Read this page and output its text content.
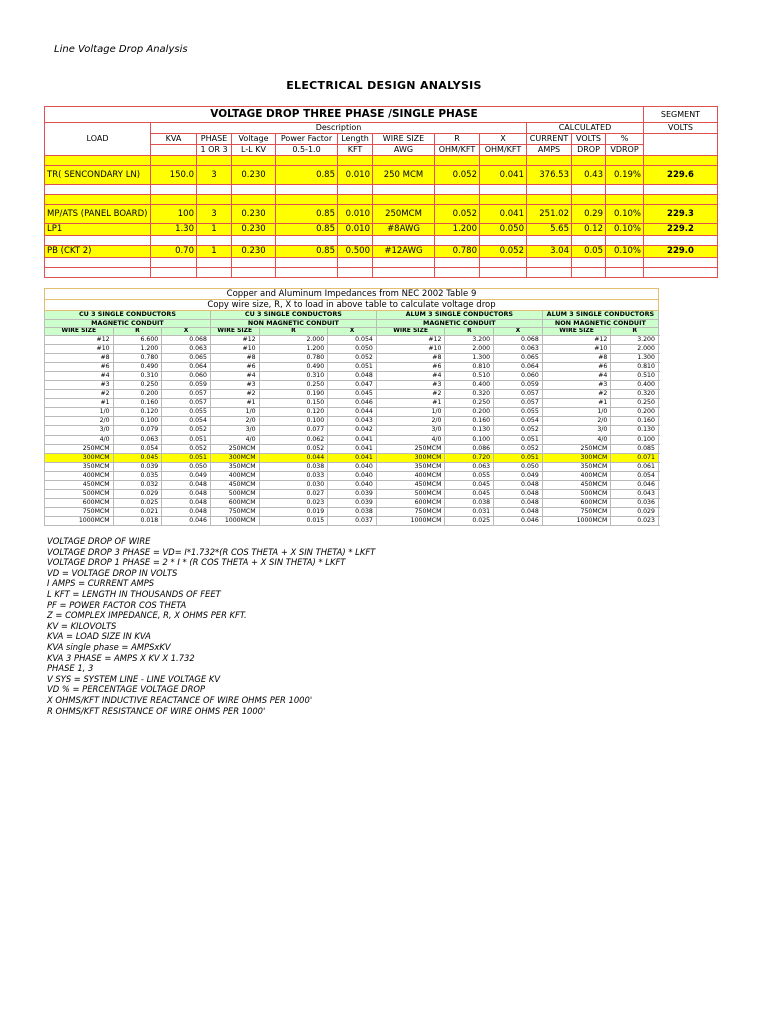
Line Voltage Drop Analysis
ELECTRICAL DESIGN ANALYSIS
VOLTAGE DROP THREE PHASE /SINGLE PHASE												SEGMENT
LOAD	Description								CALCULATED			VOLTS
	KVA	PHASE	Voltage	Power Factor	Length	WIRE SIZE	R	X	CURRENT	VOLTS	%	
		1 OR 3	L-L KV	0.5-1.0	KFT	AWG	OHM/KFT	OHM/KFT	AMPS	DROP	VDROP	

TR( SENCONDARY LN)	150.0	3	0.230	0.85	0.010	250 MCM	0.052	0.041	376.53	0.43	0.19%	229.6

MP/ATS (PANEL BOARD)	100	3	0.230	0.85	0.010	250MCM	0.052	0.041	251.02	0.29	0.10%	229.3
LP1	1.30	1	0.230	0.85	0.010	#8AWG	1.200	0.050	5.65	0.12	0.10%	229.2

PB (CKT 2)	0.70	1	0.230	0.85	0.500	#12AWG	0.780	0.052	3.04	0.05	0.10%	229.0

Copper and Aluminum Impedances from NEC 2002 Table 9											
Copy wire size, R, X to load in above table to calculate voltage drop											
CU 3 SINGLE CONDUCTORS			CU 3 SINGLE CONDUCTORS			ALUM 3 SINGLE CONDUCTORS			ALUM 3 SINGLE CONDUCTORS		
MAGNETIC CONDUIT			NON MAGNETIC CONDUIT			MAGNETIC CONDUIT			NON MAGNETIC CONDUIT		
WIRE SIZE	R	X	WIRE SIZE	R	X	WIRE SIZE	R	X	WIRE SIZE	R	
#12	6.600	0.068	#12	2.000	0.054	#12	3.200	0.068	#12	3.200	
#10	1.200	0.063	#10	1.200	0.050	#10	2.000	0.063	#10	2.000	
#8	0.780	0.065	#8	0.780	0.052	#8	1.300	0.065	#8	1.300	
#6	0.490	0.064	#6	0.490	0.051	#6	0.810	0.064	#6	0.810	
#4	0.310	0.060	#4	0.310	0.048	#4	0.510	0.060	#4	0.510	
#3	0.250	0.059	#3	0.250	0.047	#3	0.400	0.059	#3	0.400	
#2	0.200	0.057	#2	0.190	0.045	#2	0.320	0.057	#2	0.320	
#1	0.160	0.057	#1	0.150	0.046	#1	0.250	0.057	#1	0.250	
1/0	0.120	0.055	1/0	0.120	0.044	1/0	0.200	0.055	1/0	0.200	
2/0	0.100	0.054	2/0	0.100	0.043	2/0	0.160	0.054	2/0	0.160	
3/0	0.079	0.052	3/0	0.077	0.042	3/0	0.130	0.052	3/0	0.130	
4/0	0.063	0.051	4/0	0.062	0.041	4/0	0.100	0.051	4/0	0.100	
250MCM	0.054	0.052	250MCM	0.052	0.041	250MCM	0.086	0.052	250MCM	0.085	
300MCM	0.045	0.051	300MCM	0.044	0.041	300MCM	0.720	0.051	300MCM	0.071	
350MCM	0.039	0.050	350MCM	0.038	0.040	350MCM	0.063	0.050	350MCM	0.061	
400MCM	0.035	0.049	400MCM	0.033	0.040	400MCM	0.055	0.049	400MCM	0.054	
450MCM	0.032	0.048	450MCM	0.030	0.040	450MCM	0.045	0.048	450MCM	0.046	
500MCM	0.029	0.048	500MCM	0.027	0.039	500MCM	0.045	0.048	500MCM	0.043	
600MCM	0.025	0.048	600MCM	0.023	0.039	600MCM	0.038	0.048	600MCM	0.036	
750MCM	0.021	0.048	750MCM	0.019	0.038	750MCM	0.031	0.048	750MCM	0.029	
1000MCM	0.018	0.046	1000MCM	0.015	0.037	1000MCM	0.025	0.046	1000MCM	0.023	
VOLTAGE DROP OF WIRE
VOLTAGE DROP 3 PHASE = VD= I*1.732*(R COS THETA + X SIN THETA) * LKFT
VOLTAGE DROP 1 PHASE = 2 * I * (R COS THETA + X SIN THETA) * LKFT
VD = VOLTAGE DROP IN VOLTS
I AMPS = CURRENT AMPS
L KFT = LENGTH IN THOUSANDS OF FEET
PF = POWER FACTOR COS THETA
Z = COMPLEX IMPEDANCE, R, X OHMS PER KFT.
KV = KILOVOLTS
KVA = LOAD SIZE IN KVA
KVA single phase = AMPSxKV
KVA 3 PHASE = AMPS X KV X 1.732
PHASE 1, 3
V SYS = SYSTEM LINE - LINE VOLTAGE KV
VD % = PERCENTAGE VOLTAGE DROP
X OHMS/KFT INDUCTIVE REACTANCE OF WIRE OHMS PER 1000'
R OHMS/KFT RESISTANCE OF WIRE OHMS PER 1000'
